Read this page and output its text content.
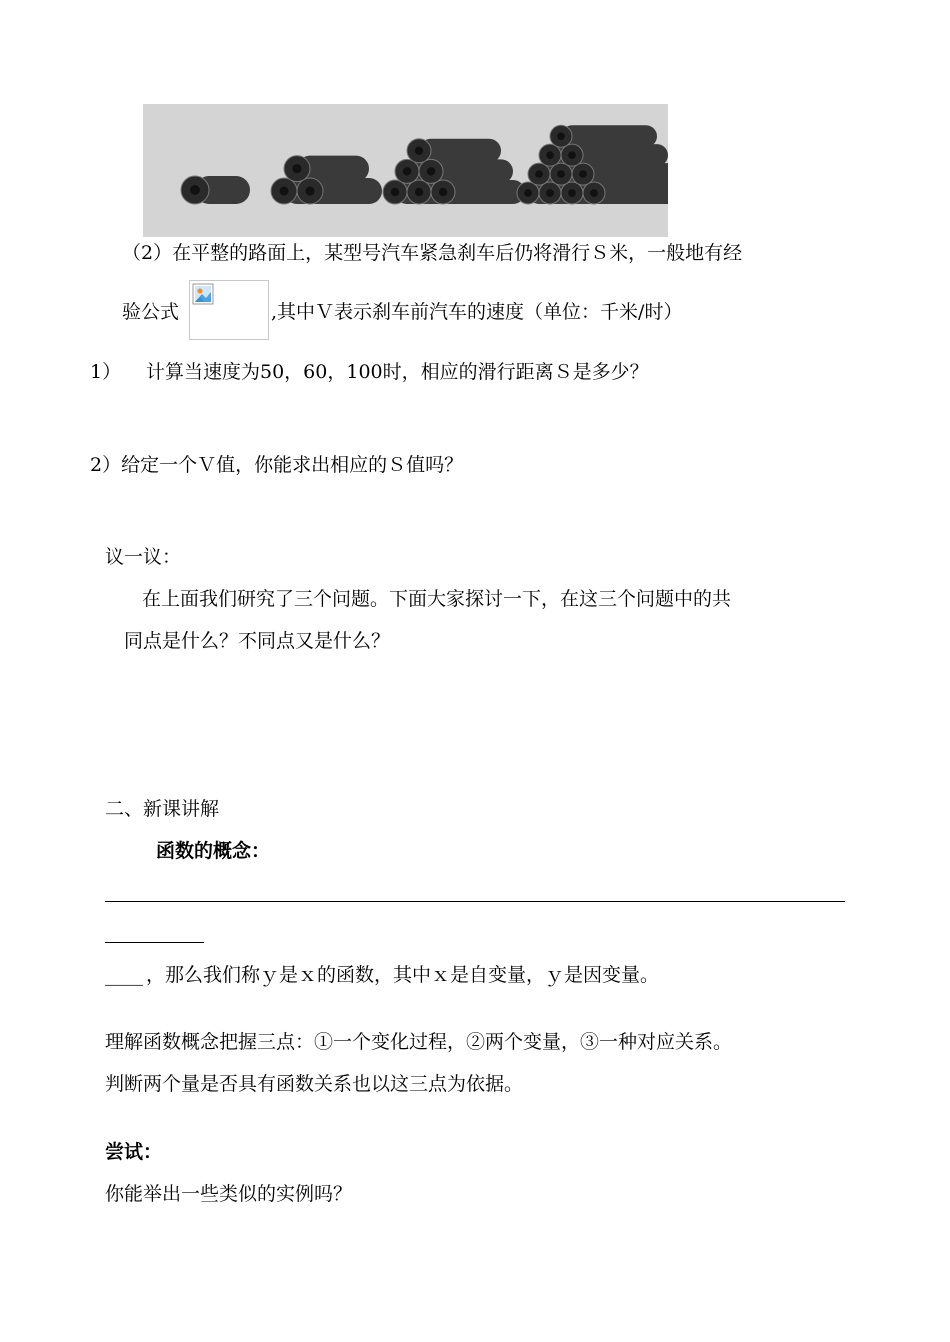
（2）在平整的路面上，某型号汽车紧急刹车后仍将滑行Ｓ米，一般地有经
验公式	,其中Ｖ表示刹车前汽车的速度（单位：千米/时）
1） 计算当速度为50，60，100时，相应的滑行距离Ｓ是多少？
2）给定一个Ｖ值，你能求出相应的Ｓ值吗？
议一议：
在上面我们研究了三个问题。下面大家探讨一下，在这三个问题中的共
同点是什么？不同点又是什么？
二、新课讲解
函数的概念：
____ ，那么我们称ｙ是ｘ的函数，其中ｘ是自变量，ｙ是因变量。
理解函数概念把握三点：①一个变化过程，②两个变量，③一种对应关系。
判断两个量是否具有函数关系也以这三点为依据。
尝试：
你能举出一些类似的实例吗？
